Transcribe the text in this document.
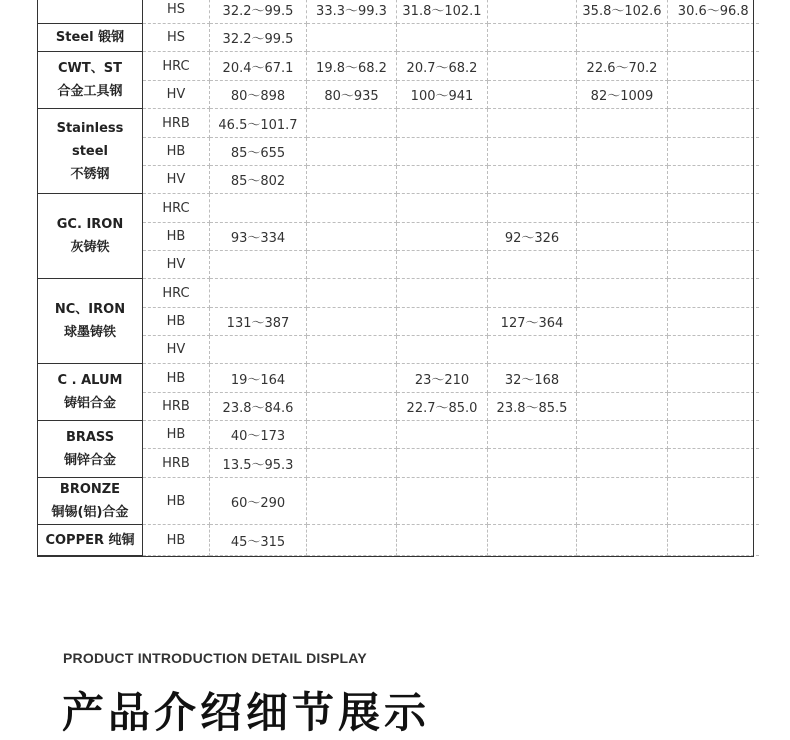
	HS	32.2～99.5	33.3～99.3	31.8～102.1		35.8～102.6	30.6～96.8
Steel 锻钢	HS	32.2～99.5					

CWT、ST
合金工具钢	HRC	20.4～67.1	19.8～68.2	20.7～68.2		22.6～70.2	
	HV	80～898	80～935	100～941		82～1009	

Stainless
steel
不锈钢	HRB	46.5～101.7					
	HB	85～655					
	HV	85～802					

GC. IRON
灰铸铁	HRC						
	HB	93～334			92～326		
	HV						

NC、IRON
球墨铸铁	HRC						
	HB	131～387			127～364		
	HV						

C . ALUM
铸铝合金	HB	19～164		23～210	32～168		
	HRB	23.8～84.6		22.7～85.0	23.8～85.5		

BRASS
铜锌合金	HB	40～173					
	HRB	13.5～95.3					

BRONZE
铜锡(铝)合金	HB	60～290					
COPPER 纯铜	HB	45～315					
PRODUCT INTRODUCTION DETAIL DISPLAY
产品介绍细节展示
